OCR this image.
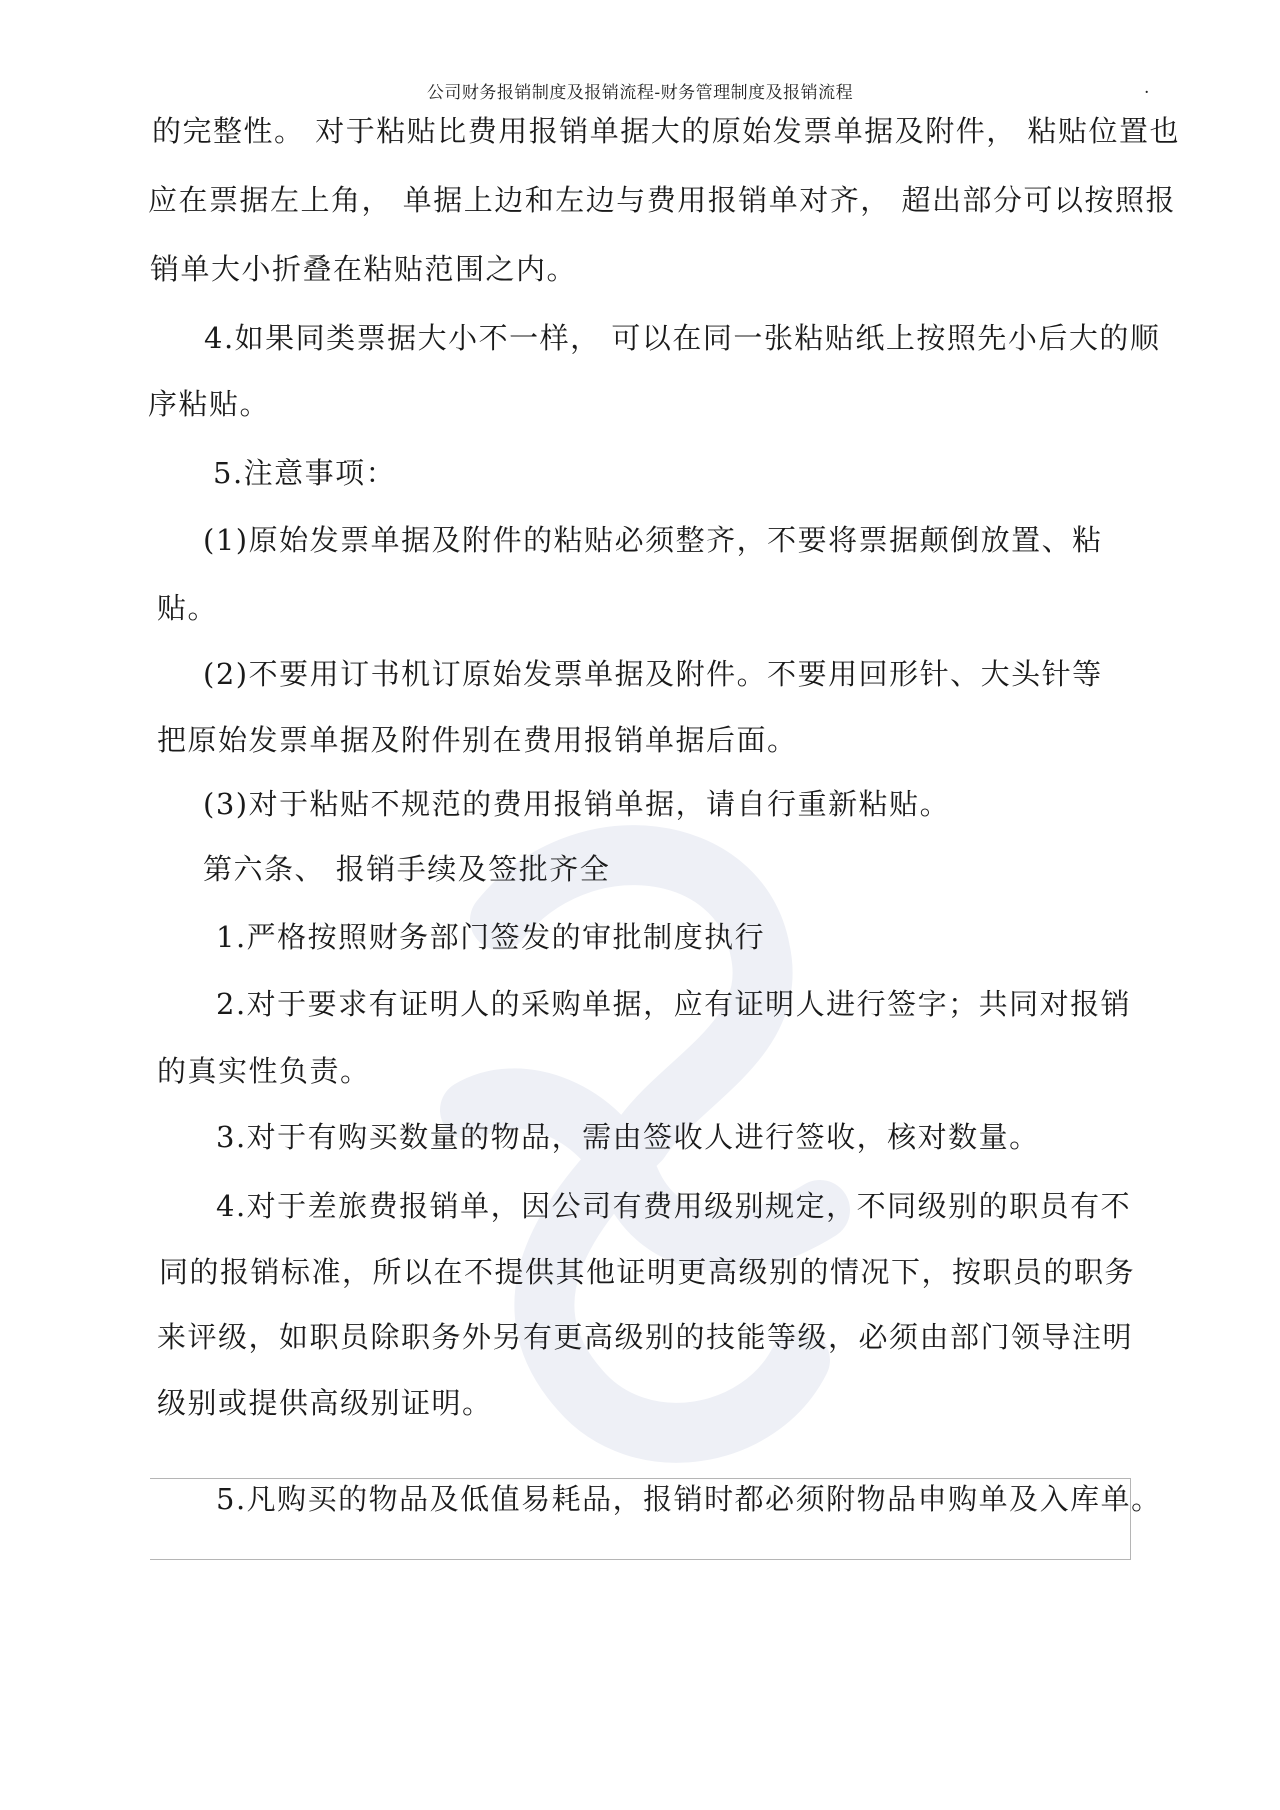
公司财务报销制度及报销流程-财务管理制度及报销流程	.
的完整性。 对于粘贴比费用报销单据大的原始发票单据及附件， 粘贴位置也
应在票据左上角， 单据上边和左边与费用报销单对齐， 超出部分可以按照报
销单大小折叠在粘贴范围之内。
4.如果同类票据大小不一样， 可以在同一张粘贴纸上按照先小后大的顺
序粘贴。
5.注意事项：
(1)原始发票单据及附件的粘贴必须整齐，不要将票据颠倒放置、粘
贴。
(2)不要用订书机订原始发票单据及附件。不要用回形针、大头针等
把原始发票单据及附件别在费用报销单据后面。
(3)对于粘贴不规范的费用报销单据，请自行重新粘贴。
第六条、 报销手续及签批齐全
1.严格按照财务部门签发的审批制度执行
2.对于要求有证明人的采购单据，应有证明人进行签字；共同对报销
的真实性负责。
3.对于有购买数量的物品，需由签收人进行签收，核对数量。
4.对于差旅费报销单，因公司有费用级别规定，不同级别的职员有不
同的报销标准，所以在不提供其他证明更高级别的情况下，按职员的职务
来评级，如职员除职务外另有更高级别的技能等级，必须由部门领导注明
级别或提供高级别证明。
5.凡购买的物品及低值易耗品，报销时都必须附物品申购单及入库单。
